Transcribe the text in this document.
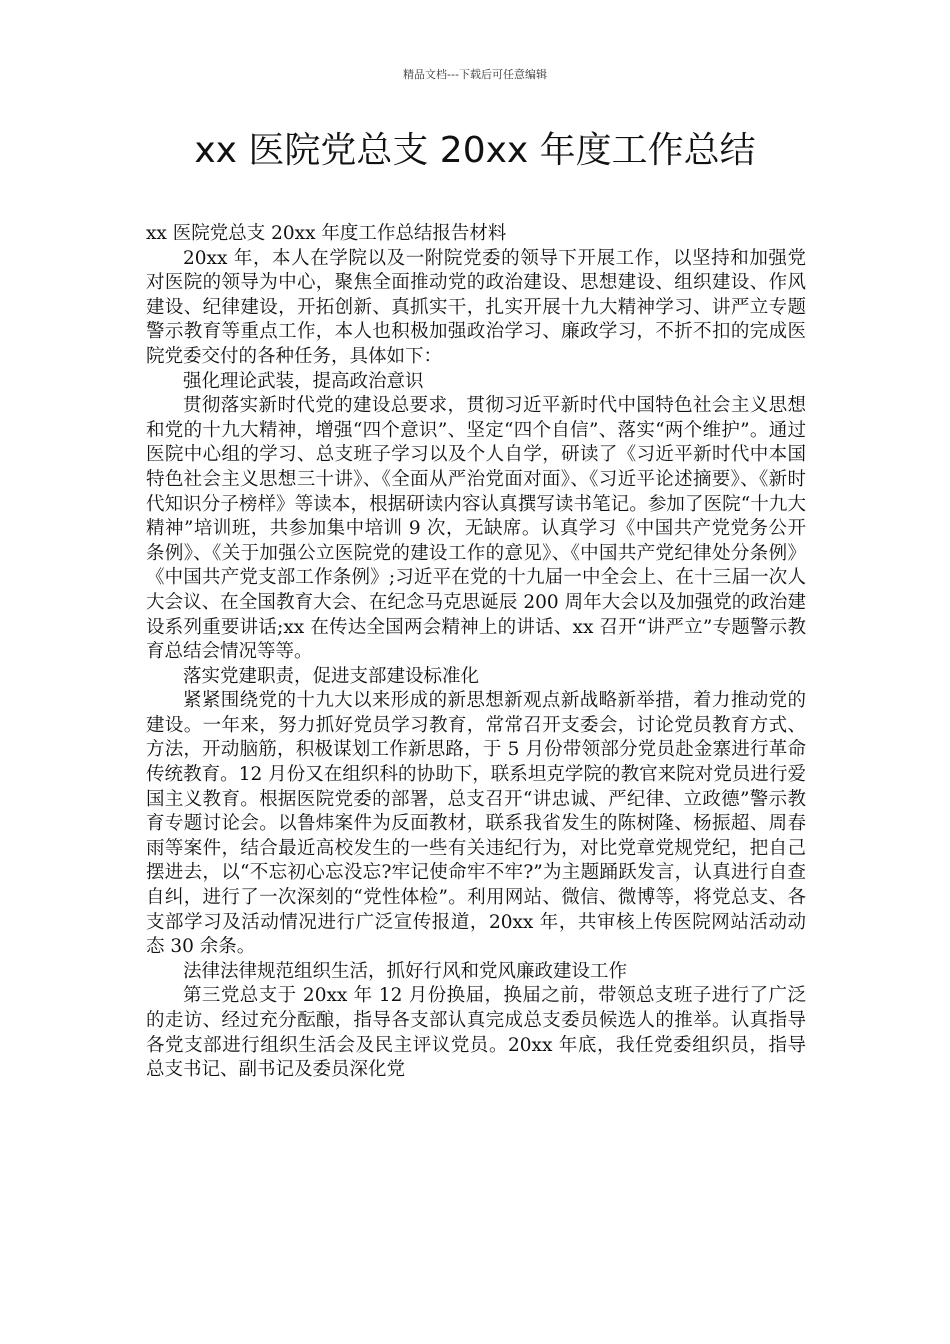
精品文档---下载后可任意编辑
xx 医院党总支 20xx 年度工作总结

xx 医院党总支 20xx 年度工作总结报告材料

20xx 年，本人在学院以及一附院党委的领导下开展工作，以坚持和加强党对医院的领导为中心，聚焦全面推动党的政治建设、思想建设、组织建设、作风建设、纪律建设，开拓创新、真抓实干，扎实开展十九大精神学习、讲严立专题警示教育等重点工作，本人也积极加强政治学习、廉政学习，不折不扣的完成医院党委交付的各种任务，具体如下：

强化理论武装，提高政治意识

贯彻落实新时代党的建设总要求，贯彻习近平新时代中国特色社会主义思想和党的十九大精神，增强“四个意识”、坚定“四个自信”、落实“两个维护”。通过医院中心组的学习、总支班子学习以及个人自学，研读了《习近平新时代中本国特色社会主义思想三十讲》、《全面从严治党面对面》、《习近平论述摘要》、《新时代知识分子榜样》等读本，根据研读内容认真撰写读书笔记。参加了医院“十九大精神”培训班，共参加集中培训 9 次，无缺席。认真学习《中国共产党党务公开条例》、《关于加强公立医院党的建设工作的意见》、《中国共产党纪律处分条例》《中国共产党支部工作条例》;习近平在党的十九届一中全会上、在十三届一次人大会议、在全国教育大会、在纪念马克思诞辰 200 周年大会以及加强党的政治建设系列重要讲话;xx 在传达全国两会精神上的讲话、xx 召开“讲严立”专题警示教育总结会情况等等。

落实党建职责，促进支部建设标准化

紧紧围绕党的十九大以来形成的新思想新观点新战略新举措，着力推动党的建设。一年来，努力抓好党员学习教育，常常召开支委会，讨论党员教育方式、方法，开动脑筋，积极谋划工作新思路，于 5 月份带领部分党员赴金寨进行革命传统教育。12 月份又在组织科的协助下，联系坦克学院的教官来院对党员进行爱国主义教育。根据医院党委的部署，总支召开“讲忠诚、严纪律、立政德”警示教育专题讨论会。以鲁炜案件为反面教材，联系我省发生的陈树隆、杨振超、周春雨等案件，结合最近高校发生的一些有关违纪行为，对比党章党规党纪，把自己摆进去，以“不忘初心忘没忘?牢记使命牢不牢?”为主题踊跃发言，认真进行自查自纠，进行了一次深刻的“党性体检”。利用网站、微信、微博等，将党总支、各支部学习及活动情况进行广泛宣传报道，20xx 年，共审核上传医院网站活动动态 30 余条。

法律法律规范组织生活，抓好行风和党风廉政建设工作

第三党总支于 20xx 年 12 月份换届，换届之前，带领总支班子进行了广泛的走访、经过充分酝酿，指导各支部认真完成总支委员候选人的推举。认真指导各党支部进行组织生活会及民主评议党员。20xx 年底，我任党委组织员，指导总支书记、副书记及委员深化党
